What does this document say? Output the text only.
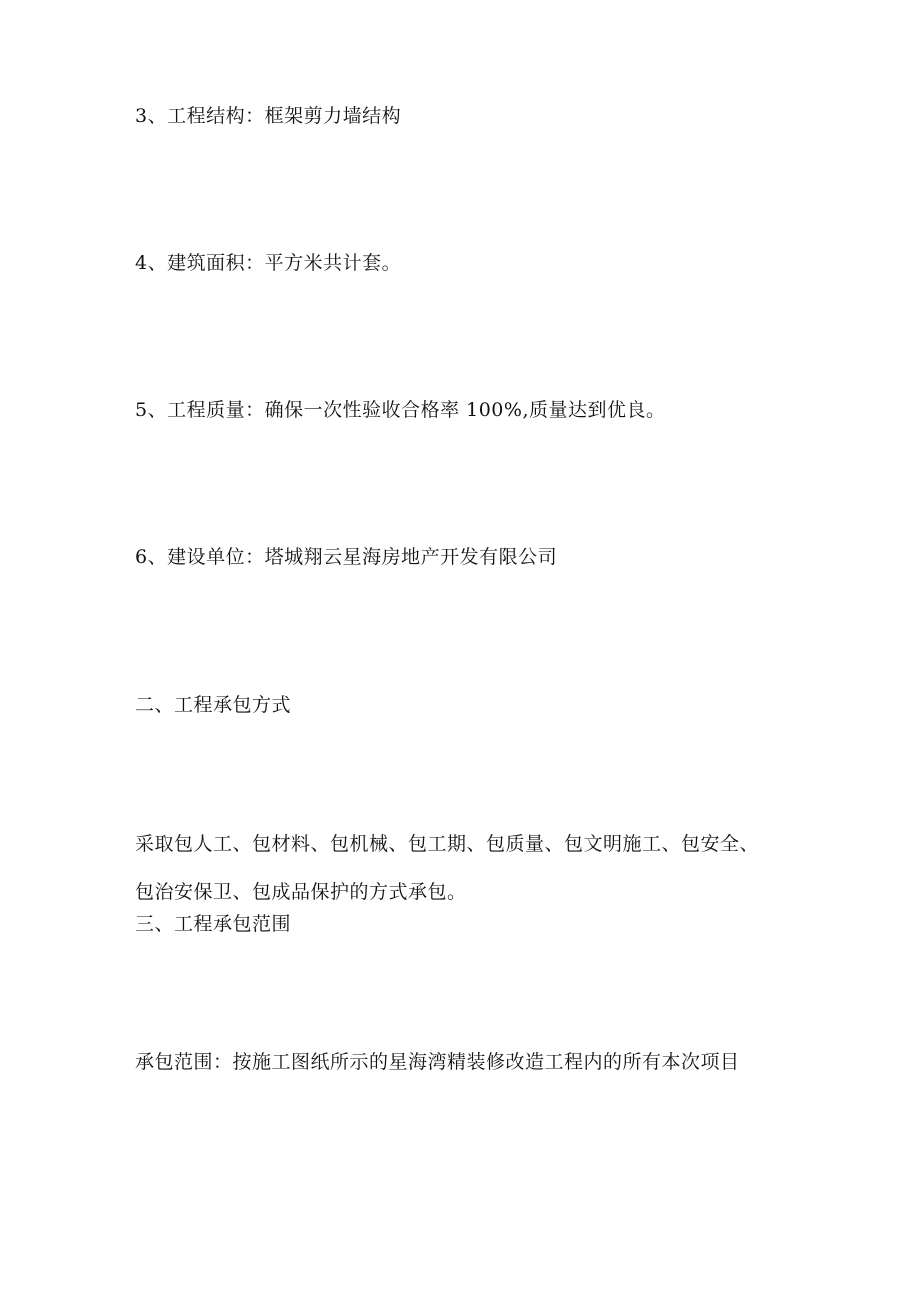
3、工程结构：框架剪力墙结构

4、建筑面积：平方米共计套。

5、工程质量：确保一次性验收合格率 100%,质量达到优良。

6、建设单位：塔城翔云星海房地产开发有限公司

二、工程承包方式

采取包人工、包材料、包机械、包工期、包质量、包文明施工、包安全、

包治安保卫、包成品保护的方式承包。

三、工程承包范围

承包范围：按施工图纸所示的星海湾精装修改造工程内的所有本次项目
